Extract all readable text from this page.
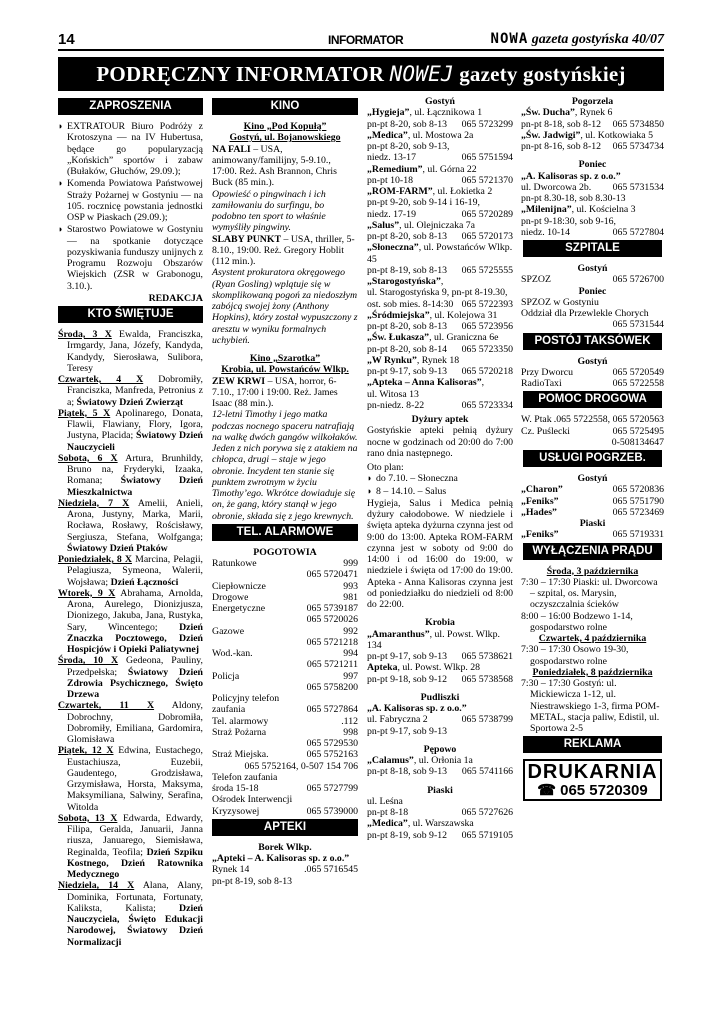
14	INFORMATOR	NOWA gazeta gostyńska 40/07
PODRĘCZNY INFORMATOR NOWEJ gazety gostyńskiej
ZAPROSZENIA
◗ EXTRATOUR Biuro Podróży z Krotoszyna — na IV Hubertusa, będące go popularyzacją „Końskich” sportów i zabaw (Bułaków, Głuchów, 29.09.);
◗ Komenda Powiatowa Państwowej Straży Pożarnej w Gostyniu — na 105. rocznicę powstania jednostki OSP w Piaskach (29.09.);
◗ Starostwo Powiatowe w Gostyniu — na spotkanie dotyczące pozyskiwania funduszy unijnych z Programu Rozwoju Obszarów Wiejskich (ZSR w Grabonogu, 3.10.).
REDAKCJA
KTO ŚWIĘTUJE
Środa, 3 X Ewalda, Franciszka, Irmgardy, Jana, Józefy, Kandyda, Kandydy, Sierosława, Sulibora, Teresy
Czwartek, 4 X Dobromiły, Franciszka, Manfreda, Petronius z a; Światowy Dzień Zwierząt
Piątek, 5 X Apolinarego, Donata, Flawii, Flawiany, Flory, Igora, Justyna, Placida; Światowy Dzień Nauczycieli
Sobota, 6 X Artura, Brunhildy, Bruno na, Fryderyki, Izaaka, Romana; Światowy Dzień Mieszkalnictwa
Niedziela, 7 X Amelii, Anieli, Arona, Justyny, Marka, Marii, Rocława, Rosławy, Rościsławy, Sergiusza, Stefana, Wolfganga; Światowy Dzień Ptaków
Poniedziałek, 8 X Marcina, Pelagii, Pelagiusza, Symeona, Walerii, Wojsława; Dzień Łączności
Wtorek, 9 X Abrahama, Arnolda, Arona, Aurelego, Dionizjusza, Dionizego, Jakuba, Jana, Rustyka, Sary, Wincentego; Dzień Znaczka Pocztowego, Dzień Hospicjów i Opieki Paliatywnej
Środa, 10 X Gedeona, Pauliny, Przedpełska; Światowy Dzień Zdrowia Psychicznego, Święto Drzewa
Czwartek, 11 X Aldony, Dobrochny, Dobromiła, Dobromiły, Emiliana, Gardomira, Glomisława
Piątek, 12 X Edwina, Eustachego, Eustachiusza, Euzebii, Gaudentego, Grodzisława, Grzymisława, Horsta, Maksyma, Maksymiliana, Salwiny, Serafina, Witolda
Sobota, 13 X Edwarda, Edwardy, Filipa, Geralda, Januarii, Janna riusza, Januarego, Siemisława, Reginalda, Teofila; Dzień Szpiku Kostnego, Dzień Ratownika Medycznego
Niedziela, 14 X Alana, Alany, Dominika, Fortunata, Fortunaty, Kaliksta, Kalista; Dzień Nauczyciela, Święto Edukacji Narodowej, Światowy Dzień Normalizacji
KINO
Kino „Pod Kopułą”
Gostyń, ul. Bojanowskiego
NA FALI – USA, animowany/familijny, 5-9.10., 17:00. Reż. Ash Brannon, Chris Buck (85 min.).
Opowieść o pingwinach i ich zamiłowaniu do surfingu, bo podobno ten sport to właśnie wymyśliły pingwiny.
SLABY PUNKT – USA, thriller, 5-8.10., 19:00. Reż. Gregory Hoblit (112 min.).
Asystent prokuratora okręgowego (Ryan Gosling) wplątuje się w skomplikowaną pogoń za niedoszłym zabójcą swojej żony (Anthony Hopkins), który został wypuszczony z aresztu w wyniku formalnych uchybień.
Kino „Szarotka”
Krobia, ul. Powstańców Wlkp.
ZEW KRWI – USA, horror, 6-7.10., 17:00 i 19:00. Reż. James Isaac (88 min.).
12-letni Timothy i jego matka podczas nocnego spaceru natrafiają na walkę dwóch gangów wilkołaków. Jeden z nich porywa się z atakiem na chłopca, drugi – staje w jego obronie. Incydent ten stanie się punktem zwrotnym w życiu Timothy’ego. Wkrótce dowiaduje się on, że gang, który stanął w jego obronie, składa się z jego krewnych.
TEL. ALARMOWE
POGOTOWIA
Ratunkowe	999
065 5720471
Ciepłownicze	993
Drogowe	981
Energetyczne	065 5739187
065 5720026
Gazowe	992
065 5721218
Wod.-kan.	994
065 5721211
Policja	997
065 5758200
Policyjny telefon
zaufania	065 5727864
Tel. alarmowy	.112
Straż Pożarna	998
065 5729530
Straż Miejska.	065 5752163
065 5752164, 0-507 154 706
Telefon zaufania
środa 15-18	065 5727799
Ośrodek Interwencji
Kryzysowej	065 5739000
APTEKI
Borek Wlkp.
„Apteki – A. Kalisoras sp. z o.o.”
Rynek 14	.065 5716545
pn-pt 8-19, sob 8-13
Gostyń
„Hygieja”, ul. Łącznikowa 1
pn-pt 8-20, sob 8-13 065 5723299
„Medica”, ul. Mostowa 2a
pn-pt 8-20, sob 9-13,
niedz. 13-17	065 5751594
„Remedium”, ul. Górna 22
pn-pt 10-18	065 5721370
„ROM-FARM”, ul. Łokietka 2
pn-pt 9-20, sob 9-14 i 16-19,
niedz. 17-19	065 5720289
„Salus”, ul. Olejniczaka 7a
pn-pt 8-20, sob 8-13 065 5720173
„Słoneczna”, ul. Powstańców Wlkp. 45
pn-pt 8-19, sob 8-13 065 5725555
„Starogostyńska”,
ul. Starogostyńska 9, pn-pt 8-19.30,
ost. sob mies. 8-14:30 065 5722393
„Śródmiejska”, ul. Kolejowa 31
pn-pt 8-20, sob 8-13 065 5723956
„Św. Łukasza”, ul. Graniczna 6e
pn-pt 8-20, sob 8-14 065 5723350
„W Rynku”, Rynek 18
pn-pt 9-17, sob 9-13 065 5720218
„Apteka – Anna Kalisoras”,
ul. Witosa 13
pn-niedz. 8-22	065 5723334
Dyżury aptek
Gostyńskie apteki pełnią dyżury nocne w godzinach od 20:00 do 7:00 rano dnia następnego.
Oto plan:
◗ do 7.10. – Słoneczna
◗ 8 – 14.10. – Salus
Hygieja, Salus i Medica pełnią dyżury całodobowe. W niedziele i święta apteka dyżurna czynna jest od 9:00 do 13:00. Apteka ROM-FARM czynna jest w soboty od 9:00 do 14:00 i od 16:00 do 19:00, w niedziele i święta od 17:00 do 19:00. Apteka - Anna Kalisoras czynna jest od poniedziałku do niedzieli od 8:00 do 22:00.
Krobia
„Amaranthus”, ul. Powst. Wlkp. 134
pn-pt 9-17, sob 9-13 065 5738621
Apteka, ul. Powst. Wlkp. 28
pn-pt 9-18, sob 9-12 065 5738568
Pudliszki
„A. Kalisoras sp. z o.o.”
ul. Fabryczna 2	065 5738799
pn-pt 9-17, sob 9-13
Pępowo
„Calamus”, ul. Orłonia 1a
pn-pt 8-18, sob 9-13 065 5741166
Piaski
ul. Leśna
pn-pt 8-18	065 5727626
„Medica”, ul. Warszawska
pn-pt 8-19, sob 9-12 065 5719105
Pogorzela
„Św. Ducha”, Rynek 6
pn-pt 8-18, sob 8-12 065 5734850
„Św. Jadwigi”, ul. Kotkowiaka 5
pn-pt 8-16, sob 8-12 065 5734734
Poniec
„A. Kalisoras sp. z o.o.”
ul. Dworcowa 2b. 065 5731534
pn-pt 8.30-18, sob 8.30-13
„Milenijna”, ul. Kościelna 3
pn-pt 9-18:30, sob 9-16,
niedz. 10-14	065 5727804
SZPITALE
Gostyń
SPZOZ	065 5726700
Poniec
SPZOZ w Gostyniu
Oddział dla Przewlekle Chorych
065 5731544
POSTÓJ TAKSÓWEK
Gostyń
Przy Dworcu	065 5720549
RadioTaxi	065 5722558
POMOC DROGOWA
W. Ptak .065 5722558, 065 5720563
Cz. Puślecki	065 5725495
0-508134647
USŁUGI POGRZEB.
Gostyń
„Charon”	065 5720836
„Feniks”	065 5751790
„Hades”	065 5723469
Piaski
„Feniks”	065 5719331
WYŁĄCZENIA PRĄDU
Środa, 3 października
7:30 – 17:30 Piaski: ul. Dworcowa – szpital, os. Marysin, oczyszczalnia ścieków
8:00 – 16:00 Bodzewo 1-14, gospodarstwo rolne
Czwartek, 4 października
7:30 – 17:30 Osowo 19-30, gospodarstwo rolne
Poniedziałek, 8 października
7:30 – 17:30 Gostyń: ul. Mickiewicza 1-12, ul. Niestrawskiego 1-3, firma POM-METAL, stacja paliw, Edistil, ul. Sportowa 2-5
REKLAMA
DRUKARNIA
☎ 065 5720309
